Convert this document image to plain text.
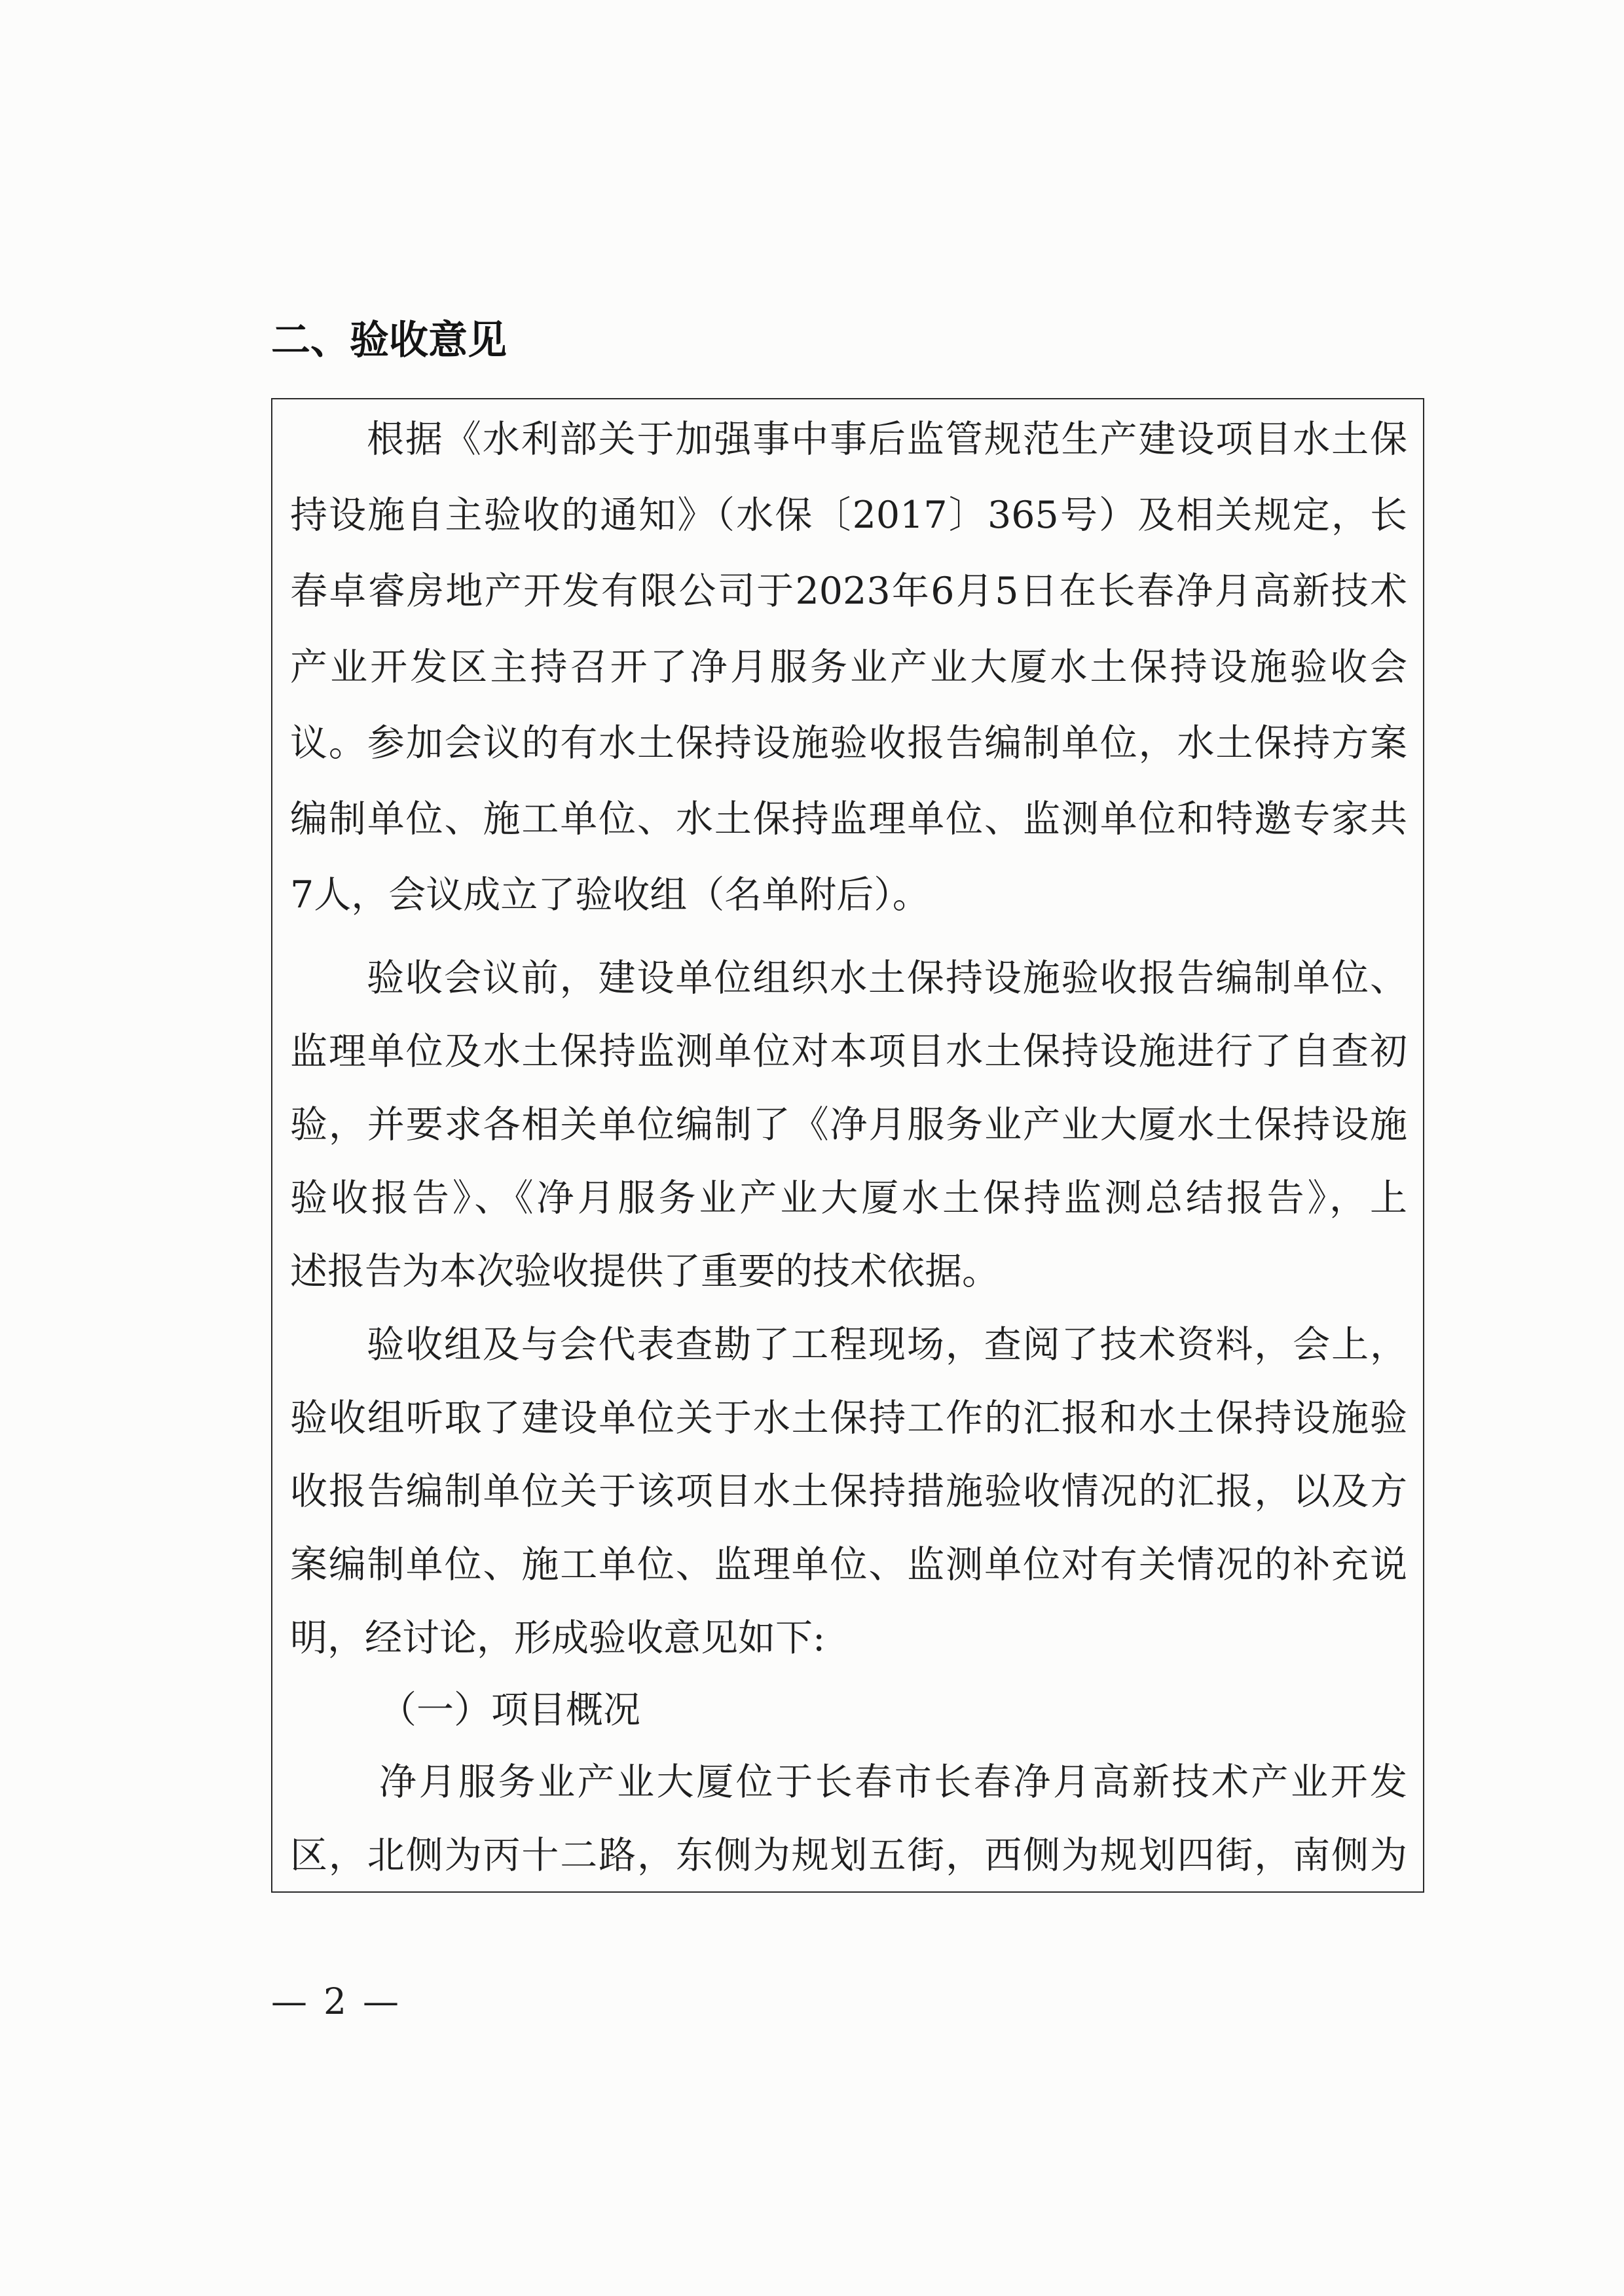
二、验收意见
根据《水利部关于加强事中事后监管规范生产建设项目水土保
持设施自主验收的通知》（水保〔2017〕365号）及相关规定，长
春卓睿房地产开发有限公司于2023年6月5日在长春净月高新技术
产业开发区主持召开了净月服务业产业大厦水土保持设施验收会
议。参加会议的有水土保持设施验收报告编制单位，水土保持方案
编制单位、施工单位、水土保持监理单位、监测单位和特邀专家共
7人，会议成立了验收组（名单附后）。
验收会议前，建设单位组织水土保持设施验收报告编制单位、
监理单位及水土保持监测单位对本项目水土保持设施进行了自查初
验，并要求各相关单位编制了《净月服务业产业大厦水土保持设施
验收报告》、《净月服务业产业大厦水土保持监测总结报告》，上
述报告为本次验收提供了重要的技术依据。
验收组及与会代表查勘了工程现场，查阅了技术资料，会上，
验收组听取了建设单位关于水土保持工作的汇报和水土保持设施验
收报告编制单位关于该项目水土保持措施验收情况的汇报，以及方
案编制单位、施工单位、监理单位、监测单位对有关情况的补充说
明，经讨论，形成验收意见如下:
（一）项目概况
净月服务业产业大厦位于长春市长春净月高新技术产业开发
区，北侧为丙十二路，东侧为规划五街，西侧为规划四街，南侧为
— 2 —
